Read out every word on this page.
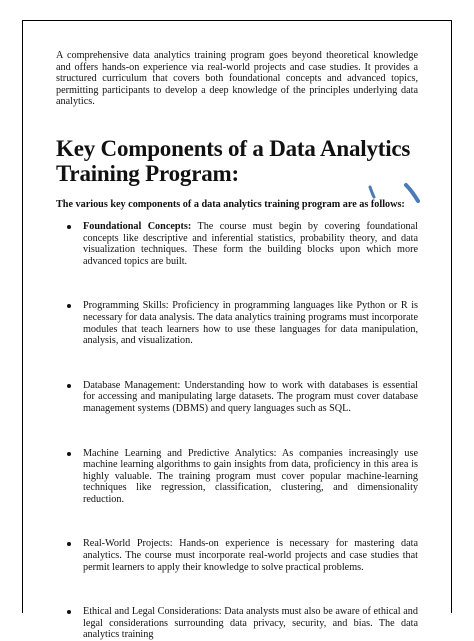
A comprehensive data analytics training program goes beyond theoretical knowledge and offers hands-on experience via real-world projects and case studies. It provides a structured curriculum that covers both foundational concepts and advanced topics, permitting participants to develop a deep knowledge of the principles underlying data analytics.

Key Components of a Data Analytics Training Program:

The various key components of a data analytics training program are as follows:

Foundational Concepts: The course must begin by covering foundational concepts like descriptive and inferential statistics, probability theory, and data visualization techniques. These form the building blocks upon which more advanced topics are built.
Programming Skills: Proficiency in programming languages like Python or R is necessary for data analysis. The data analytics training programs must incorporate modules that teach learners how to use these languages for data manipulation, analysis, and visualization.
Database Management: Understanding how to work with databases is essential for accessing and manipulating large datasets. The program must cover database management systems (DBMS) and query languages such as SQL.
Machine Learning and Predictive Analytics: As companies increasingly use machine learning algorithms to gain insights from data, proficiency in this area is highly valuable. The training program must cover popular machine-learning techniques like regression, classification, clustering, and dimensionality reduction.
Real-World Projects: Hands-on experience is necessary for mastering data analytics. The course must incorporate real-world projects and case studies that permit learners to apply their knowledge to solve practical problems.
Ethical and Legal Considerations: Data analysts must also be aware of ethical and legal considerations surrounding data privacy, security, and bias. The data analytics training
